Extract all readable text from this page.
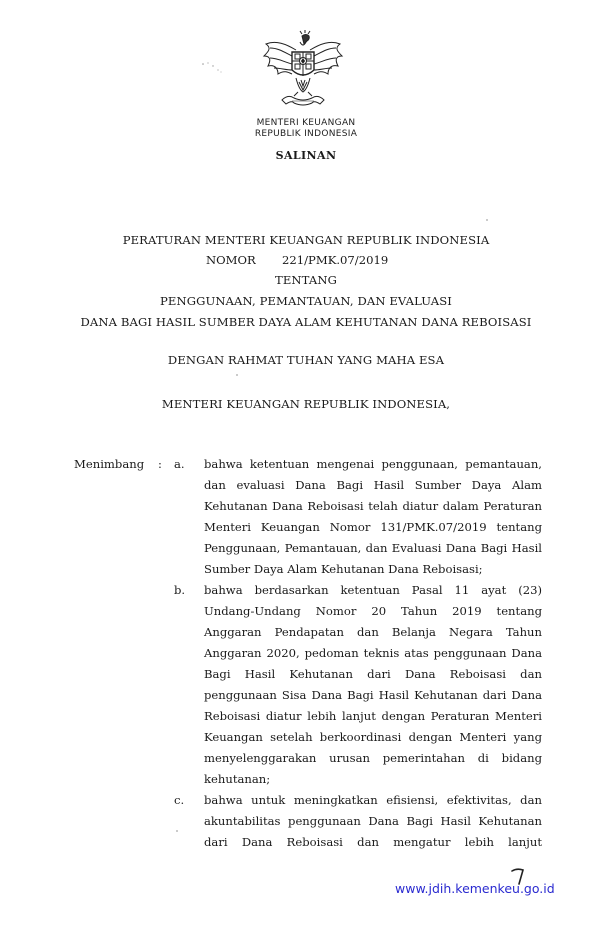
MENTERI KEUANGAN
REPUBLIK INDONESIA
SALINAN
PERATURAN MENTERI KEUANGAN REPUBLIK INDONESIA
NOMOR 221/PMK.07/2019
TENTANG
PENGGUNAAN, PEMANTAUAN, DAN EVALUASI
DANA BAGI HASIL SUMBER DAYA ALAM KEHUTANAN DANA REBOISASI
DENGAN RAHMAT TUHAN YANG MAHA ESA
MENTERI KEUANGAN REPUBLIK INDONESIA,
Menimbang : a. bahwa ketentuan mengenai penggunaan, pemantauan,
dan evaluasi Dana Bagi Hasil Sumber Daya Alam
Kehutanan Dana Reboisasi telah diatur dalam Peraturan
Menteri Keuangan Nomor 131/PMK.07/2019 tentang
Penggunaan, Pemantauan, dan Evaluasi Dana Bagi Hasil
Sumber Daya Alam Kehutanan Dana Reboisasi;
b. bahwa berdasarkan ketentuan Pasal 11 ayat (23)
Undang-Undang Nomor 20 Tahun 2019 tentang
Anggaran Pendapatan dan Belanja Negara Tahun
Anggaran 2020, pedoman teknis atas penggunaan Dana
Bagi Hasil Kehutanan dari Dana Reboisasi dan
penggunaan Sisa Dana Bagi Hasil Kehutanan dari Dana
Reboisasi diatur lebih lanjut dengan Peraturan Menteri
Keuangan setelah berkoordinasi dengan Menteri yang
menyelenggarakan urusan pemerintahan di bidang
kehutanan;
c. bahwa untuk meningkatkan efisiensi, efektivitas, dan
akuntabilitas penggunaan Dana Bagi Hasil Kehutanan
dari Dana Reboisasi dan mengatur lebih lanjut
www.jdih.kemenkeu.go.id
